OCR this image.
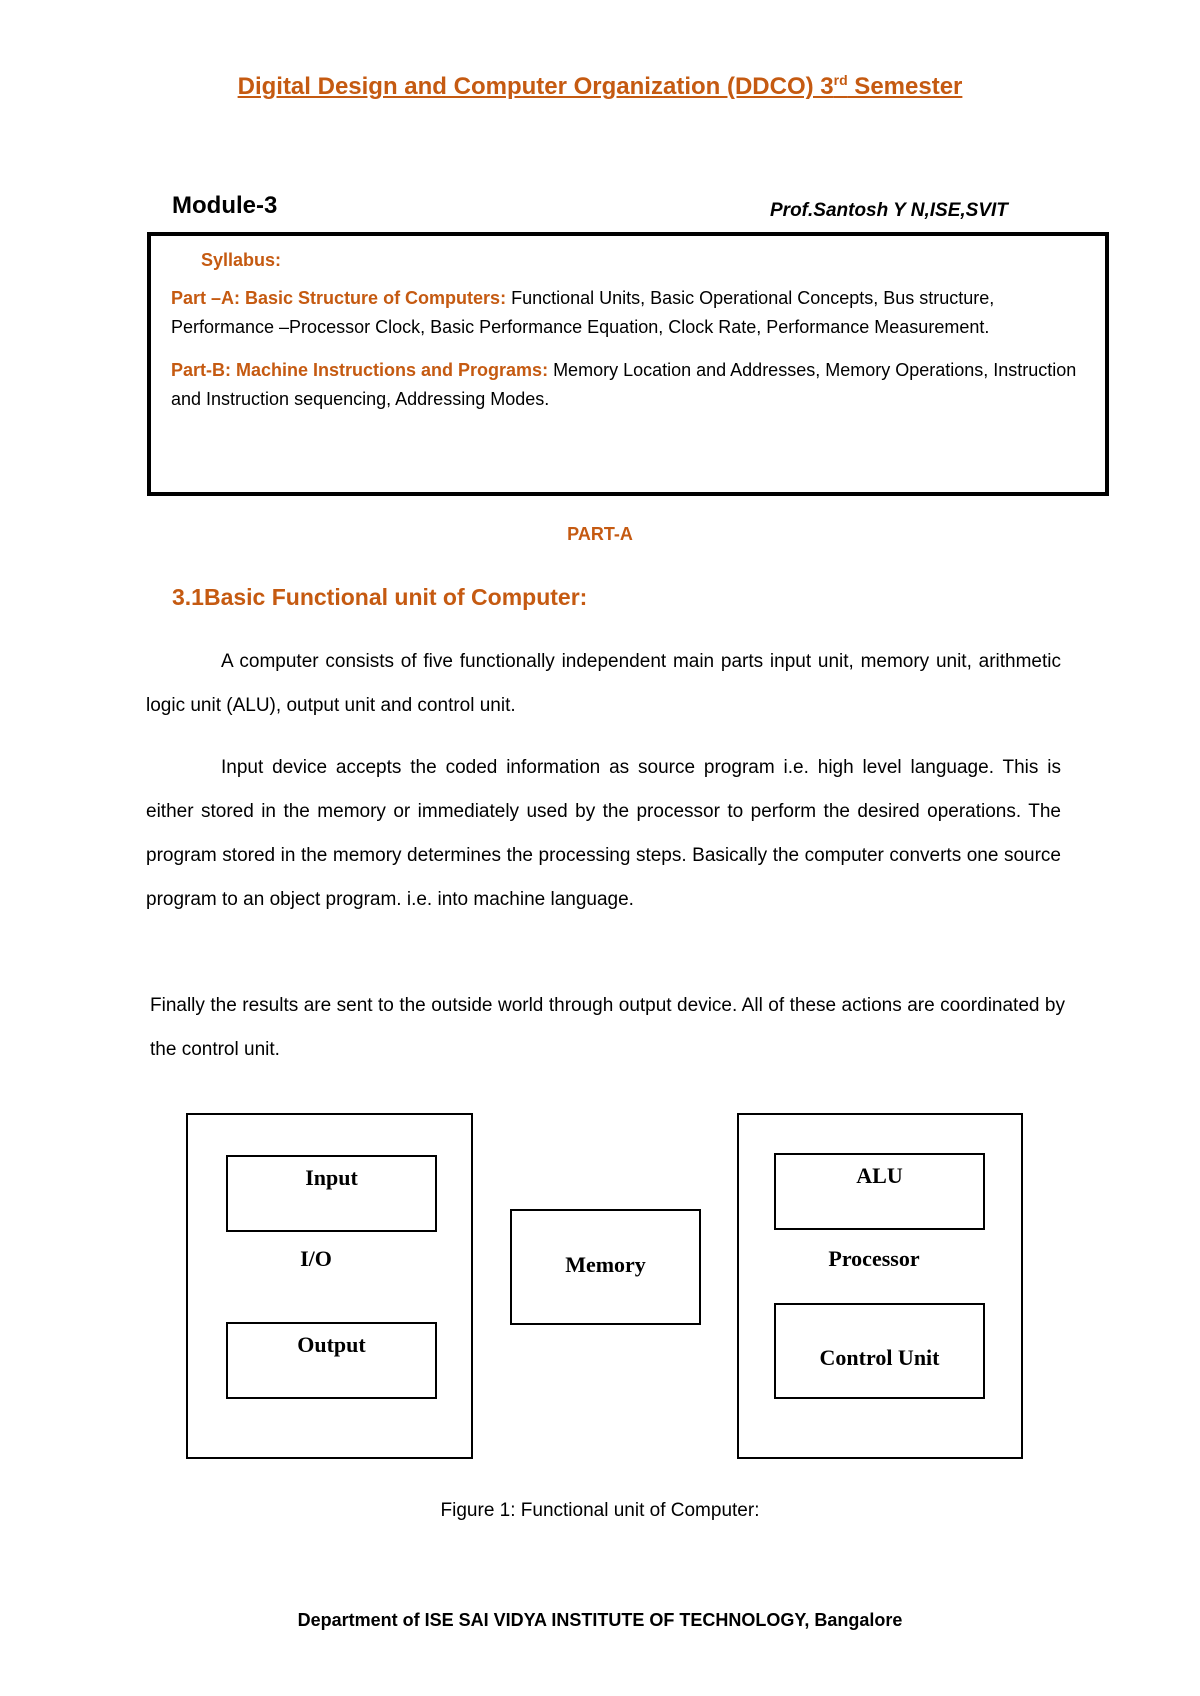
Digital Design and Computer Organization (DDCO) 3rd Semester
Module-3	Prof.Santosh Y N,ISE,SVIT
Syllabus:
Part –A: Basic Structure of Computers: Functional Units, Basic Operational Concepts, Bus structure, Performance –Processor Clock, Basic Performance Equation, Clock Rate, Performance Measurement.
Part-B: Machine Instructions and Programs: Memory Location and Addresses, Memory Operations, Instruction and Instruction sequencing, Addressing Modes.
PART-A
3.1Basic Functional unit of Computer:
A computer consists of five functionally independent main parts input unit, memory unit, arithmetic logic unit (ALU), output unit and control unit.
Input device accepts the coded information as source program i.e. high level language. This is either stored in the memory or immediately used by the processor to perform the desired operations. The program stored in the memory determines the processing steps. Basically the computer converts one source program to an object program. i.e. into machine language.
Finally the results are sent to the outside world through output device. All of these actions are coordinated by the control unit.
Input
I/O
Output
Memory
ALU
Processor
Control Unit
Figure 1: Functional unit of Computer:
Department of ISE SAI VIDYA INSTITUTE OF TECHNOLOGY, Bangalore
